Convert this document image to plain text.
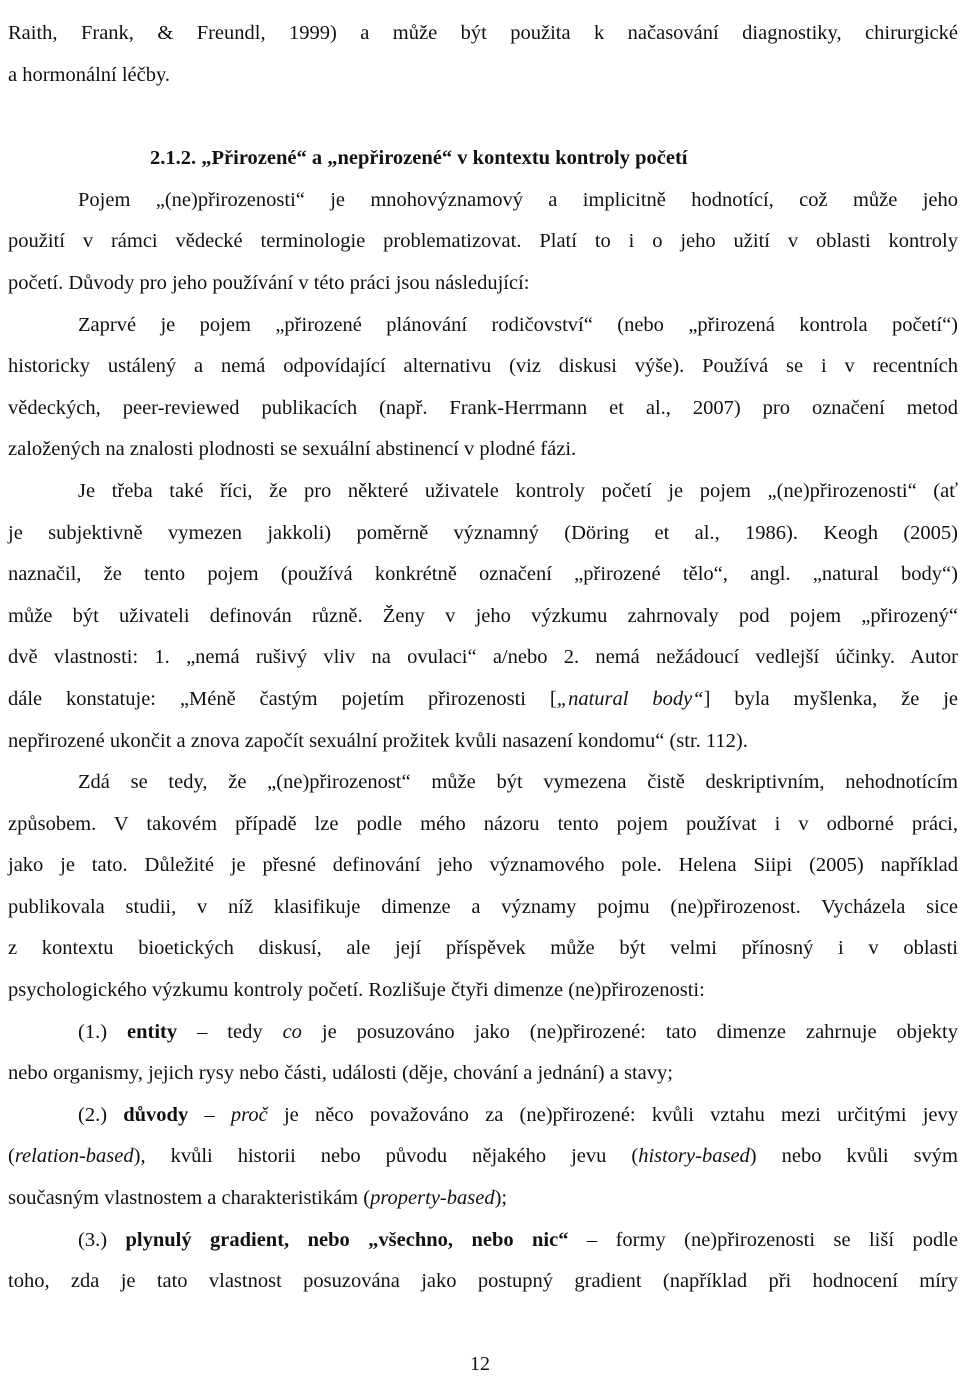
Raith, Frank, & Freundl, 1999) a může být použita k načasování diagnostiky, chirurgické
a hormonální léčby.
2.1.2. „Přirozené“ a „nepřirozené“ v kontextu kontroly početí
Pojem „(ne)přirozenosti“ je mnohovýznamový a implicitně hodnotící, což může jeho
použití v rámci vědecké terminologie problematizovat. Platí to i o jeho užití v oblasti kontroly
početí. Důvody pro jeho používání v této práci jsou následující:
Zaprvé je pojem „přirozené plánování rodičovství“ (nebo „přirozená kontrola početí“)
historicky ustálený a nemá odpovídající alternativu (viz diskusi výše). Používá se i v recentních
vědeckých, peer-reviewed publikacích (např. Frank-Herrmann et al., 2007) pro označení metod
založených na znalosti plodnosti se sexuální abstinencí v plodné fázi.
Je třeba také říci, že pro některé uživatele kontroly početí je pojem „(ne)přirozenosti“ (ať
je subjektivně vymezen jakkoli) poměrně významný (Döring et al., 1986). Keogh (2005)
naznačil, že tento pojem (používá konkrétně označení „přirozené tělo“, angl. „natural body“)
může být uživateli definován různě. Ženy v jeho výzkumu zahrnovaly pod pojem „přirozený“
dvě vlastnosti: 1. „nemá rušivý vliv na ovulaci“ a/nebo 2. nemá nežádoucí vedlejší účinky. Autor
dále konstatuje: „Méně častým pojetím přirozenosti [„natural body“] byla myšlenka, že je
nepřirozené ukončit a znova započít sexuální prožitek kvůli nasazení kondomu“ (str. 112).
Zdá se tedy, že „(ne)přirozenost“ může být vymezena čistě deskriptivním, nehodnotícím
způsobem. V takovém případě lze podle mého názoru tento pojem používat i v odborné práci,
jako je tato. Důležité je přesné definování jeho významového pole. Helena Siipi (2005) například
publikovala studii, v níž klasifikuje dimenze a významy pojmu (ne)přirozenost. Vycházela sice
z kontextu bioetických diskusí, ale její příspěvek může být velmi přínosný i v oblasti
psychologického výzkumu kontroly početí. Rozlišuje čtyři dimenze (ne)přirozenosti:
(1.) entity – tedy co je posuzováno jako (ne)přirozené: tato dimenze zahrnuje objekty
nebo organismy, jejich rysy nebo části, události (děje, chování a jednání) a stavy;
(2.) důvody – proč je něco považováno za (ne)přirozené: kvůli vztahu mezi určitými jevy
(relation-based), kvůli historii nebo původu nějakého jevu (history-based) nebo kvůli svým
současným vlastnostem a charakteristikám (property-based);
(3.) plynulý gradient, nebo „všechno, nebo nic“ – formy (ne)přirozenosti se liší podle
toho, zda je tato vlastnost posuzována jako postupný gradient (například při hodnocení míry
12
